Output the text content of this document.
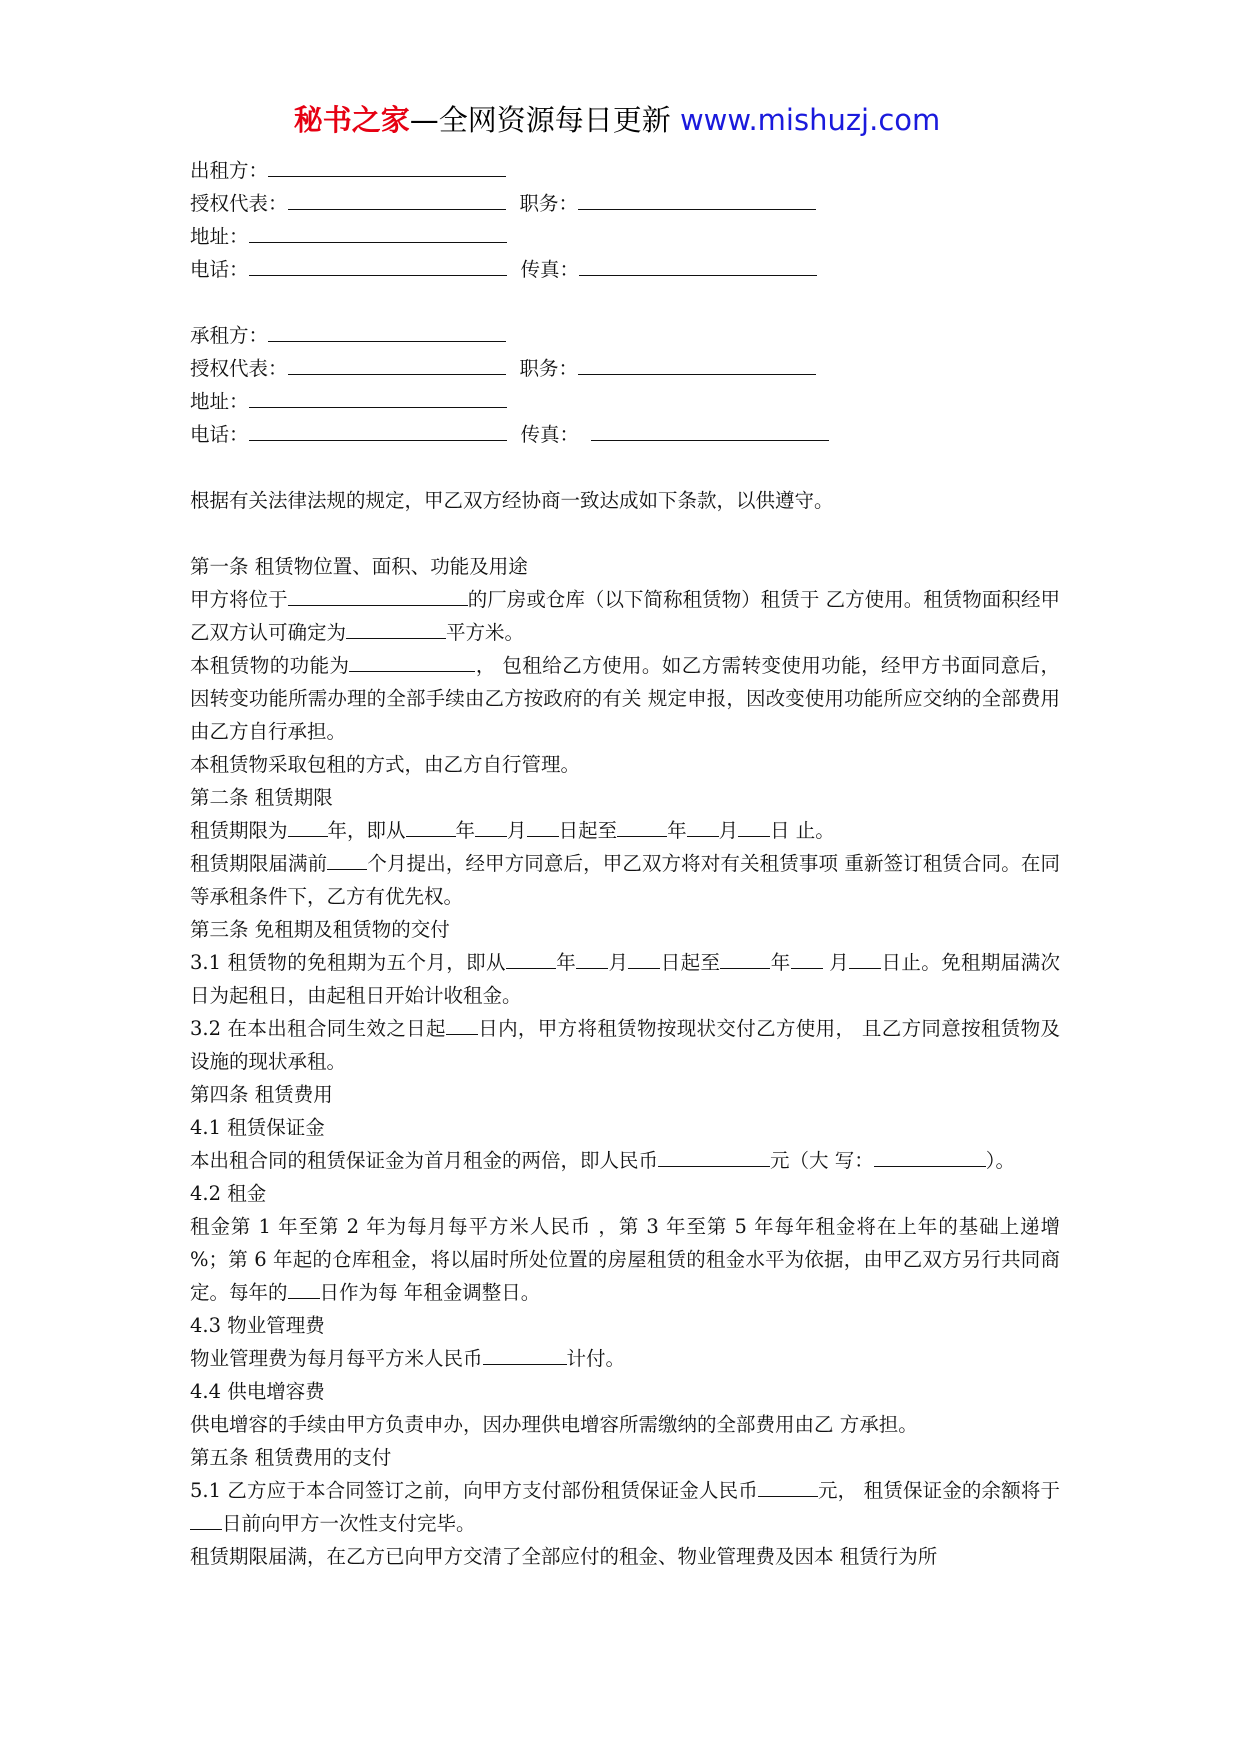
秘书之家—全网资源每日更新 www.mishuzj.com
出租方：
授权代表：	职务：
地址：
电话：	传真：
承租方：
授权代表：	职务：
地址：
电话：	传真：
根据有关法律法规的规定，甲乙双方经协商一致达成如下条款，以供遵守。
第一条 租赁物位置、面积、功能及用途
甲方将位于	的厂房或仓库（以下简称租赁物）租赁于 乙方使用。租赁物面积经甲乙双方认可确定为	平方米。
本租赁物的功能为	， 包租给乙方使用。如乙方需转变使用功能，经甲方书面同意后，因转变功能所需办理的全部手续由乙方按政府的有关 规定申报，因改变使用功能所应交纳的全部费用由乙方自行承担。
本租赁物采取包租的方式，由乙方自行管理。
第二条 租赁期限
租赁期限为 年，即从	年 月 日起至	年 月 日 止。
租赁期限届满前 个月提出，经甲方同意后，甲乙双方将对有关租赁事项 重新签订租赁合同。在同等承租条件下，乙方有优先权。
第三条 免租期及租赁物的交付
3.1 租赁物的免租期为五个月，即从	年 月 日起至	年 月 日止。免租期届满次日为起租日，由起租日开始计收租金。
3.2 在本出租合同生效之日起 日内，甲方将租赁物按现状交付乙方使用， 且乙方同意按租赁物及设施的现状承租。
第四条 租赁费用
4.1 租赁保证金
本出租合同的租赁保证金为首月租金的两倍，即人民币	元（大 写：	）。
4.2 租金
租金第 1 年至第 2 年为每月每平方米人民币 ，第 3 年至第 5 年每年租金将在上年的基础上递增 %；第 6 年起的仓库租金，将以届时所处位置的房屋租赁的租金水平为依据，由甲乙双方另行共同商定。每年的 日作为每 年租金调整日。
4.3 物业管理费
物业管理费为每月每平方米人民币	计付。
4.4 供电增容费
供电增容的手续由甲方负责申办，因办理供电增容所需缴纳的全部费用由乙 方承担。
第五条 租赁费用的支付
5.1 乙方应于本合同签订之前，向甲方支付部份租赁保证金人民币	元， 租赁保证金的余额将于日前向甲方一次性支付完毕。
租赁期限届满，在乙方已向甲方交清了全部应付的租金、物业管理费及因本 租赁行为所
